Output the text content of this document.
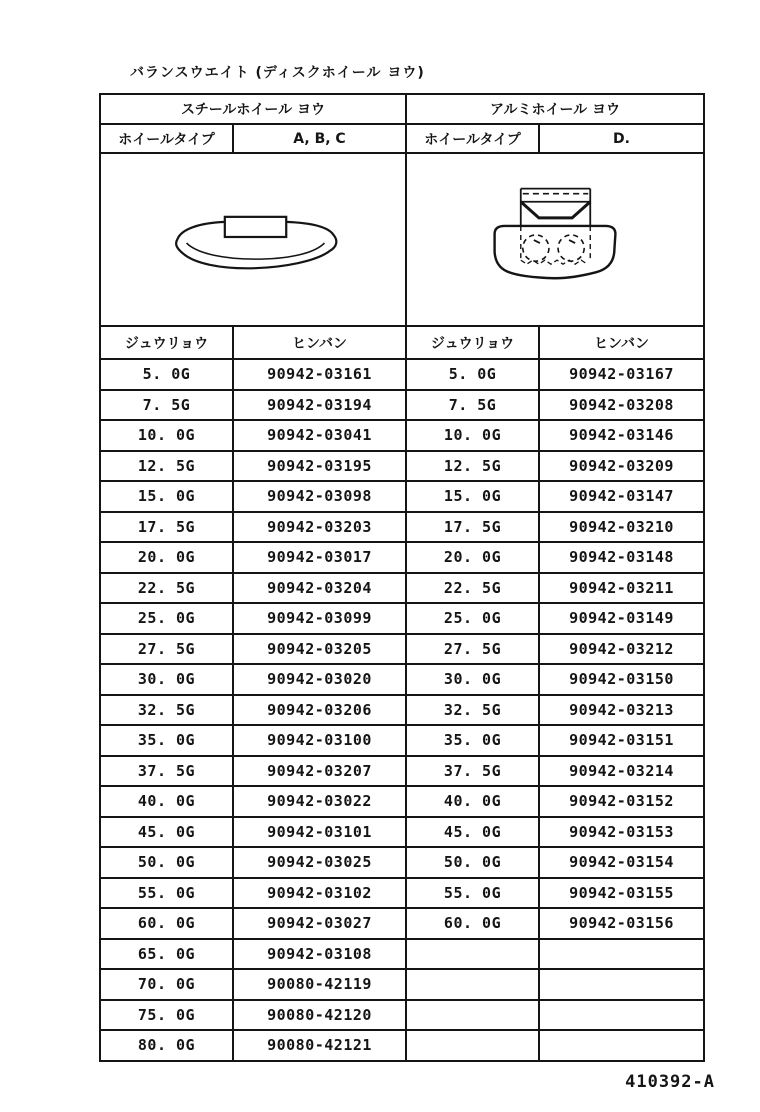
バランスウエイト (ディスクホイール ヨウ)
スチールホイール ヨウ		アルミホイール ヨウ	
ホイールタイプ	A, B, C	ホイールタイプ	D.

ジュウリョウ	ヒンバン	ジュウリョウ	ヒンバン
5. 0G	90942-03161	5. 0G	90942-03167
7. 5G	90942-03194	7. 5G	90942-03208
10. 0G	90942-03041	10. 0G	90942-03146
12. 5G	90942-03195	12. 5G	90942-03209
15. 0G	90942-03098	15. 0G	90942-03147
17. 5G	90942-03203	17. 5G	90942-03210
20. 0G	90942-03017	20. 0G	90942-03148
22. 5G	90942-03204	22. 5G	90942-03211
25. 0G	90942-03099	25. 0G	90942-03149
27. 5G	90942-03205	27. 5G	90942-03212
30. 0G	90942-03020	30. 0G	90942-03150
32. 5G	90942-03206	32. 5G	90942-03213
35. 0G	90942-03100	35. 0G	90942-03151
37. 5G	90942-03207	37. 5G	90942-03214
40. 0G	90942-03022	40. 0G	90942-03152
45. 0G	90942-03101	45. 0G	90942-03153
50. 0G	90942-03025	50. 0G	90942-03154
55. 0G	90942-03102	55. 0G	90942-03155
60. 0G	90942-03027	60. 0G	90942-03156
65. 0G	90942-03108		
70. 0G	90080-42119		
75. 0G	90080-42120		
80. 0G	90080-42121		
410392-A
